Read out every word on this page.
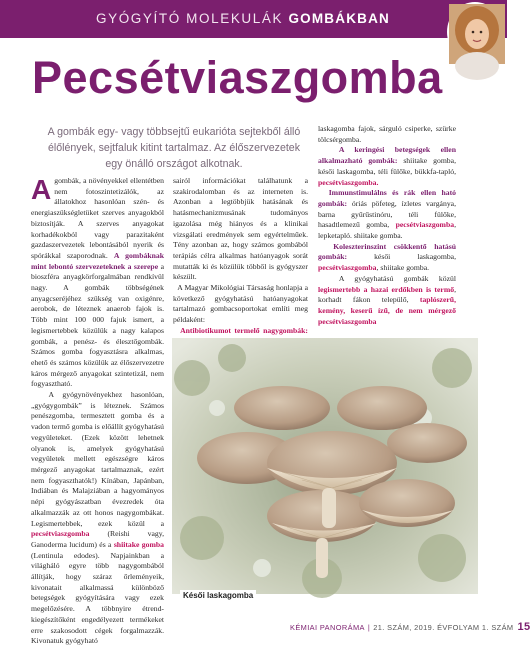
GYÓGYÍTÓ MOLEKULÁK GOMBÁKBAN
Pecsétviaszgomba

A gombák egy- vagy többsejtű eukarióta sejtekből álló élőlények, sejtfaluk kitint tartalmaz. Az élőszervezetek egy önálló országot alkotnak.

Agombák, a növényekkel ellentétben nem fotoszintetizálók, az állatokhoz hasonlóan szén- és energiaszükségletüket szerves anyagokból biztosítják. A szerves anyagokat korhadékokból vagy parazitaként gazdaszervezetek lebontásából nyerik és spórákkal szaporodnak. A gombáknak mint lebontó szervezeteknek a szerepe a bioszféra anyagkörforgalmában rendkívül nagy. A gombák többségének anyagcseréjéhez szükség van oxigénre, aerobok, de léteznek anaerob fajok is. Több mint 100 000 fajuk ismert, a legismertebbek közülük a nagy kalapos gombák, a penész- és élesztőgombák. Számos gomba fogyasztásra alkalmas, ehető és számos közülük az élőszervezetre káros mérgező anyagokat szintetizál, nem fogyasztható.

A gyógynövényekhez hasonlóan, „gyógygombák” is léteznek. Számos penészgomba, termesztett gomba és a vadon termő gomba is előállít gyógyhatású vegyületeket. (Ezek között lehetnek olyanok is, amelyek gyógyhatású vegyületek mellett egészségre káros mérgező anyagokat tartalmaznak, ezért nem fogyaszthatók!) Kínában, Japánban, Indiában és Malajziában a hagyományos népi gyógyászatban évezredek óta alkalmazzák az ott honos nagygombákat. Legismertebbek, ezek közül a pecsétviaszgomba (Reishi vagy, Ganoderma lucidum) és a shiitake gomba (Lentinula edodes). Napjainkban a világháló egyre több nagygombából állítják, hogy száraz őrleményeik, kivonatait alkalmassá különböző betegségek gyógyítására vagy ezek megelőzésére. A többnyire étrend-kiegészítőként engedélyezett termékeket erre szakosodott cégek forgalmazzák. Kivonatuk gyógyható

sairól információkat találhatunk a szakirodalomban és az interneten is. Azonban a legtöbbjük hatásának és hatásmechanizmusának tudományos igazolása még hiányos és a klinikai vizsgálati eredmények sem egyértelműek. Tény azonban az, hogy számos gombából terápiás célra alkalmas hatóanyagok sorát mutatták ki és közülük többől is gyógyszer készült.

A Magyar Mikológiai Társaság honlapja a következő gyógyhatású hatóanyagokat tartalmazó gombacsoportokat említi meg példaként:

Antibiotikumot termelő nagygombák:

laskagomba fajok, sárguló csiperke, szürke tölcsérgomba.

A keringési betegségek ellen alkalmazható gombák: shiitake gomba, késői laskagomba, téli fülőke, bükkfa-tapló, pecsétviaszgomba.

Immunstimulálns és rák ellen ható gombák: óriás pöfeteg, ízletes vargánya, barna gyűrűstinóru, téli fülőke, hasadtlemezű gomba, pecsétviaszgomba, lepketapló. shiitake gomba.

Koleszterinszint csökkentő hatású gombák: késői laskagomba, pecsétviaszgomba, shiitake gomba.

A gyógyhatású gombák közül legismertebb a hazai erdőkben is termő, korhadt fákon települő, taplószerű, kemény, keserű ízű, de nem mérgező pecsétviaszgomba

Késői laskagomba
KÉMIAI PANORÁMA | 21. SZÁM, 2019. ÉVFOLYAM 1. SZÁM 15
